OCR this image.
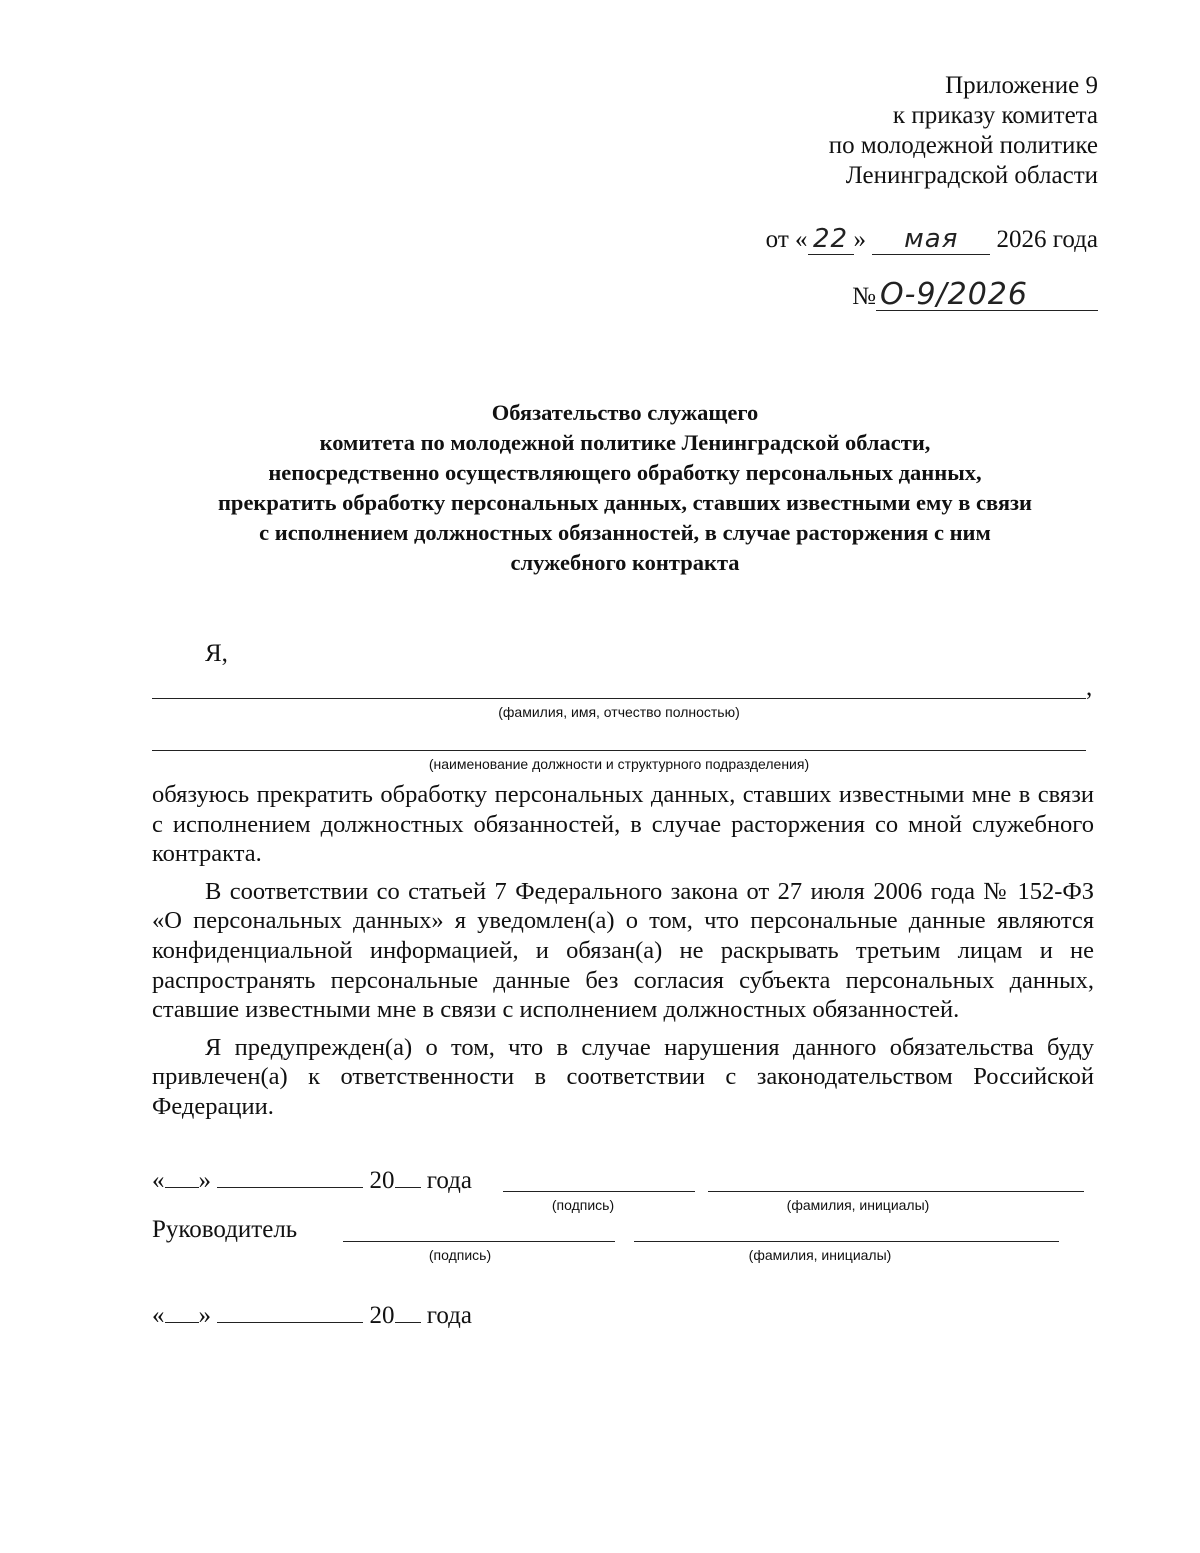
Приложение 9
к приказу комитета
по молодежной политике
Ленинградской области
от « 22 » мая 2026 года
№ О-9/2026
Обязательство служащего
комитета по молодежной политике Ленинградской области,
непосредственно осуществляющего обработку персональных данных,
прекратить обработку персональных данных, ставших известными ему в связи
с исполнением должностных обязанностей, в случае расторжения с ним
служебного контракта
Я,
,
(фамилия, имя, отчество полностью)
(наименование должности и структурного подразделения)

обязуюсь прекратить обработку персональных данных, ставших известными мне в связи с исполнением должностных обязанностей, в случае расторжения со мной служебного контракта.

В соответствии со статьей 7 Федерального закона от 27 июля 2006 года № 152-ФЗ «О персональных данных» я уведомлен(а) о том, что персональные данные являются конфиденциальной информацией, и обязан(а) не раскрывать третьим лицам и не распространять персональные данные без согласия субъекта персональных данных, ставшие известными мне в связи с исполнением должностных обязанностей.

Я предупрежден(а) о том, что в случае нарушения данного обязательства буду привлечен(а) к ответственности в соответствии с законодательством Российской Федерации.

« »	20 года
(подпись)	(фамилия, инициалы)
Руководитель
(подпись)	(фамилия, инициалы)
« »	20 года
